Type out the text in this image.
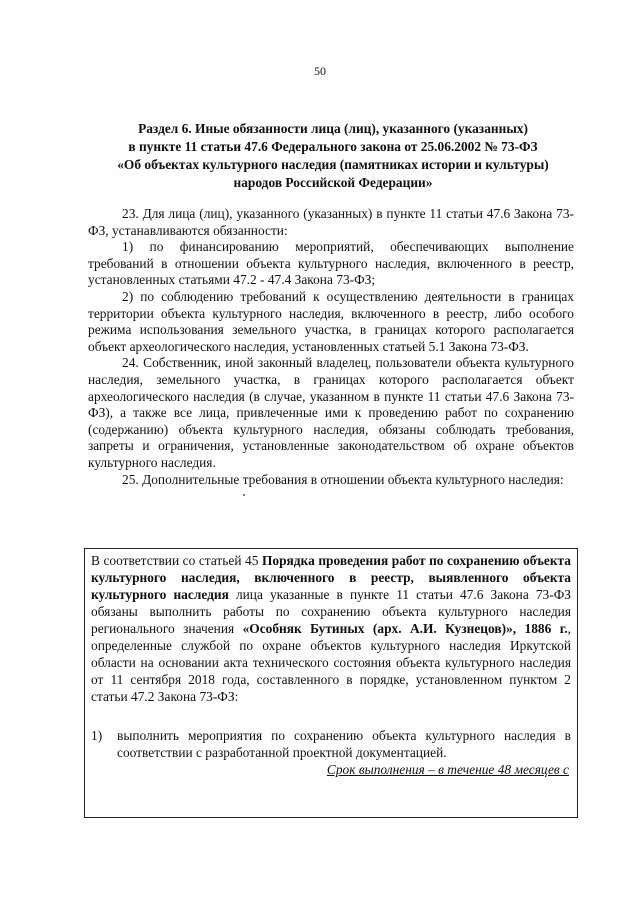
50
Раздел 6. Иные обязанности лица (лиц), указанного (указанных)
в пункте 11 статьи 47.6 Федерального закона от 25.06.2002 № 73-ФЗ
«Об объектах культурного наследия (памятниках истории и культуры)
народов Российской Федерации»

23. Для лица (лиц), указанного (указанных) в пункте 11 статьи 47.6 Закона 73-ФЗ, устанавливаются обязанности:

1) по финансированию мероприятий, обеспечивающих выполнение требований в отношении объекта культурного наследия, включенного в реестр, установленных статьями 47.2 - 47.4 Закона 73-ФЗ;

2) по соблюдению требований к осуществлению деятельности в границах территории объекта культурного наследия, включенного в реестр, либо особого режима использования земельного участка, в границах которого располагается объект археологического наследия, установленных статьей 5.1 Закона 73-ФЗ.

24. Собственник, иной законный владелец, пользователи объекта культурного наследия, земельного участка, в границах которого располагается объект археологического наследия (в случае, указанном в пункте 11 статьи 47.6 Закона 73-ФЗ), а также все лица, привлеченные ими к проведению работ по сохранению (содержанию) объекта культурного наследия, обязаны соблюдать требования, запреты и ограничения, установленные законодательством об охране объектов культурного наследия.

25. Дополнительные требования в отношении объекта культурного наследия:

В соответствии со статьей 45 Порядка проведения работ по сохранению объекта культурного наследия, включенного в реестр, выявленного объекта культурного наследия лица указанные в пункте 11 статьи 47.6 Закона 73-ФЗ обязаны выполнить работы по сохранению объекта культурного наследия регионального значения «Особняк Бутиных (арх. А.И. Кузнецов)», 1886 г., определенные службой по охране объектов культурного наследия Иркутской области на основании акта технического состояния объекта культурного наследия от 11 сентября 2018 года, составленного в порядке, установленном пунктом 2 статьи 47.2 Закона 73-ФЗ:

1)	выполнить мероприятия по сохранению объекта культурного наследия в соответствии с разработанной проектной документацией.
Срок выполнения – в течение 48 месяцев с
